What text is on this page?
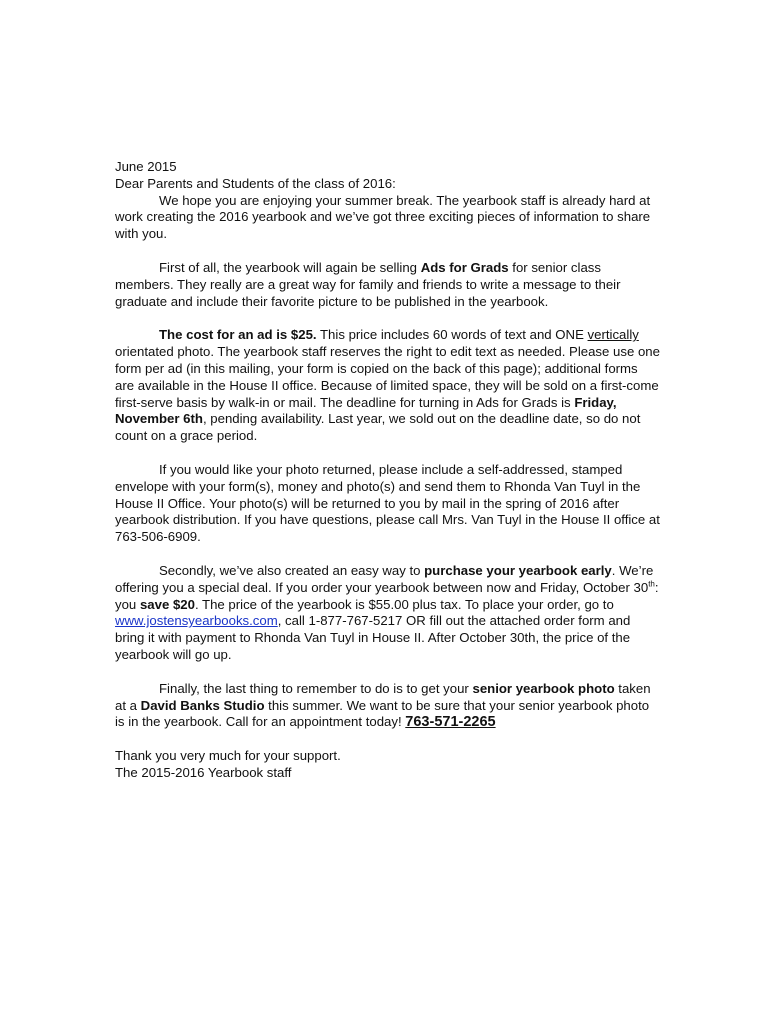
June 2015

Dear Parents and Students of the class of 2016:

We hope you are enjoying your summer break. The yearbook staff is already hard at work creating the 2016 yearbook and we’ve got three exciting pieces of information to share with you.

First of all, the yearbook will again be selling Ads for Grads for senior class members. They really are a great way for family and friends to write a message to their graduate and include their favorite picture to be published in the yearbook.

The cost for an ad is $25. This price includes 60 words of text and ONE vertically orientated photo. The yearbook staff reserves the right to edit text as needed. Please use one form per ad (in this mailing, your form is copied on the back of this page); additional forms are available in the House II office. Because of limited space, they will be sold on a first-come first-serve basis by walk-in or mail. The deadline for turning in Ads for Grads is Friday, November 6th, pending availability. Last year, we sold out on the deadline date, so do not count on a grace period.

If you would like your photo returned, please include a self-addressed, stamped envelope with your form(s), money and photo(s) and send them to Rhonda Van Tuyl in the House II Office. Your photo(s) will be returned to you by mail in the spring of 2016 after yearbook distribution. If you have questions, please call Mrs. Van Tuyl in the House II office at 763-506-6909.

Secondly, we’ve also created an easy way to purchase your yearbook early. We’re offering you a special deal. If you order your yearbook between now and Friday, October 30th: you save $20. The price of the yearbook is $55.00 plus tax. To place your order, go to www.jostensyearbooks.com, call 1-877-767-5217 OR fill out the attached order form and bring it with payment to Rhonda Van Tuyl in House II. After October 30th, the price of the yearbook will go up.

Finally, the last thing to remember to do is to get your senior yearbook photo taken at a David Banks Studio this summer. We want to be sure that your senior yearbook photo is in the yearbook. Call for an appointment today! 763-571-2265

Thank you very much for your support.

The 2015-2016 Yearbook staff
